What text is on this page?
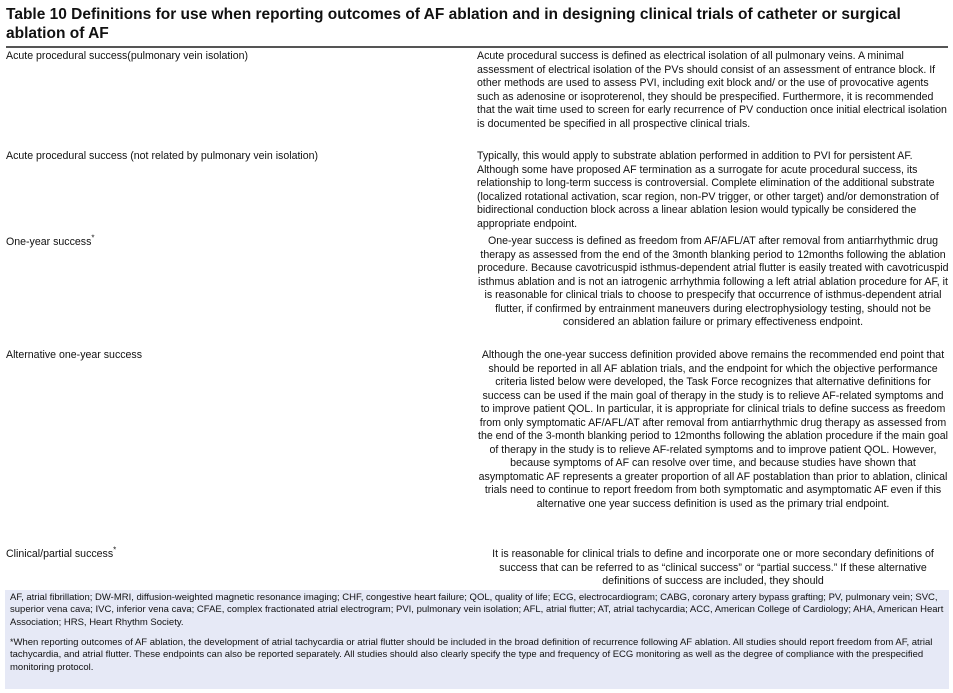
Table 10 Definitions for use when reporting outcomes of AF ablation and in designing clinical trials of catheter or surgical ablation of AF
Acute procedural success(pulmonary vein isolation)	Acute procedural success is defined as electrical isolation of all pulmonary veins. A minimal assessment of electrical isolation of the PVs should consist of an assessment of entrance block. If other methods are used to assess PVI, including exit block and/ or the use of provocative agents such as adenosine or isoproterenol, they should be prespecified. Furthermore, it is recommended that the wait time used to screen for early recurrence of PV conduction once initial electrical isolation is documented be specified in all prospective clinical trials.
Acute procedural success (not related by pulmonary vein isolation)	Typically, this would apply to substrate ablation performed in addition to PVI for persistent AF. Although some have proposed AF termination as a surrogate for acute procedural success, its relationship to long-term success is controversial. Complete elimination of the additional substrate (localized rotational activation, scar region, non-PV trigger, or other target) and/or demonstration of bidirectional conduction block across a linear ablation lesion would typically be considered the appropriate endpoint.
One-year success*	One-year success is defined as freedom from AF/AFL/AT after removal from antiarrhythmic drug therapy as assessed from the end of the 3month blanking period to 12months following the ablation procedure. Because cavotricuspid isthmus-dependent atrial flutter is easily treated with cavotricuspid isthmus ablation and is not an iatrogenic arrhythmia following a left atrial ablation procedure for AF, it is reasonable for clinical trials to choose to prespecify that occurrence of isthmus-dependent atrial flutter, if confirmed by entrainment maneuvers during electrophysiology testing, should not be considered an ablation failure or primary effectiveness endpoint.
Alternative one-year success	Although the one-year success definition provided above remains the recommended end point that should be reported in all AF ablation trials, and the endpoint for which the objective performance criteria listed below were developed, the Task Force recognizes that alternative definitions for success can be used if the main goal of therapy in the study is to relieve AF-related symptoms and to improve patient QOL. In particular, it is appropriate for clinical trials to define success as freedom from only symptomatic AF/AFL/AT after removal from antiarrhythmic drug therapy as assessed from the end of the 3-month blanking period to 12months following the ablation procedure if the main goal of therapy in the study is to relieve AF-related symptoms and to improve patient QOL. However, because symptoms of AF can resolve over time, and because studies have shown that asymptomatic AF represents a greater proportion of all AF postablation than prior to ablation, clinical trials need to continue to report freedom from both symptomatic and asymptomatic AF even if this alternative one year success definition is used as the primary trial endpoint.
Clinical/partial success*	It is reasonable for clinical trials to define and incorporate one or more secondary definitions of success that can be referred to as “clinical success” or “partial success.” If these alternative definitions of success are included, they should
AF, atrial fibrillation; DW-MRI, diffusion-weighted magnetic resonance imaging; CHF, congestive heart failure; QOL, quality of life; ECG, electrocardiogram; CABG, coronary artery bypass grafting; PV, pulmonary vein; SVC, superior vena cava; IVC, inferior vena cava; CFAE, complex fractionated atrial electrogram; PVI, pulmonary vein isolation; AFL, atrial flutter; AT, atrial tachycardia; ACC, American College of Cardiology; AHA, American Heart Association; HRS, Heart Rhythm Society.
*When reporting outcomes of AF ablation, the development of atrial tachycardia or atrial flutter should be included in the broad definition of recurrence following AF ablation. All studies should report freedom from AF, atrial tachycardia, and atrial flutter. These endpoints can also be reported separately. All studies should also clearly specify the type and frequency of ECG monitoring as well as the degree of compliance with the prespecified monitoring protocol.
